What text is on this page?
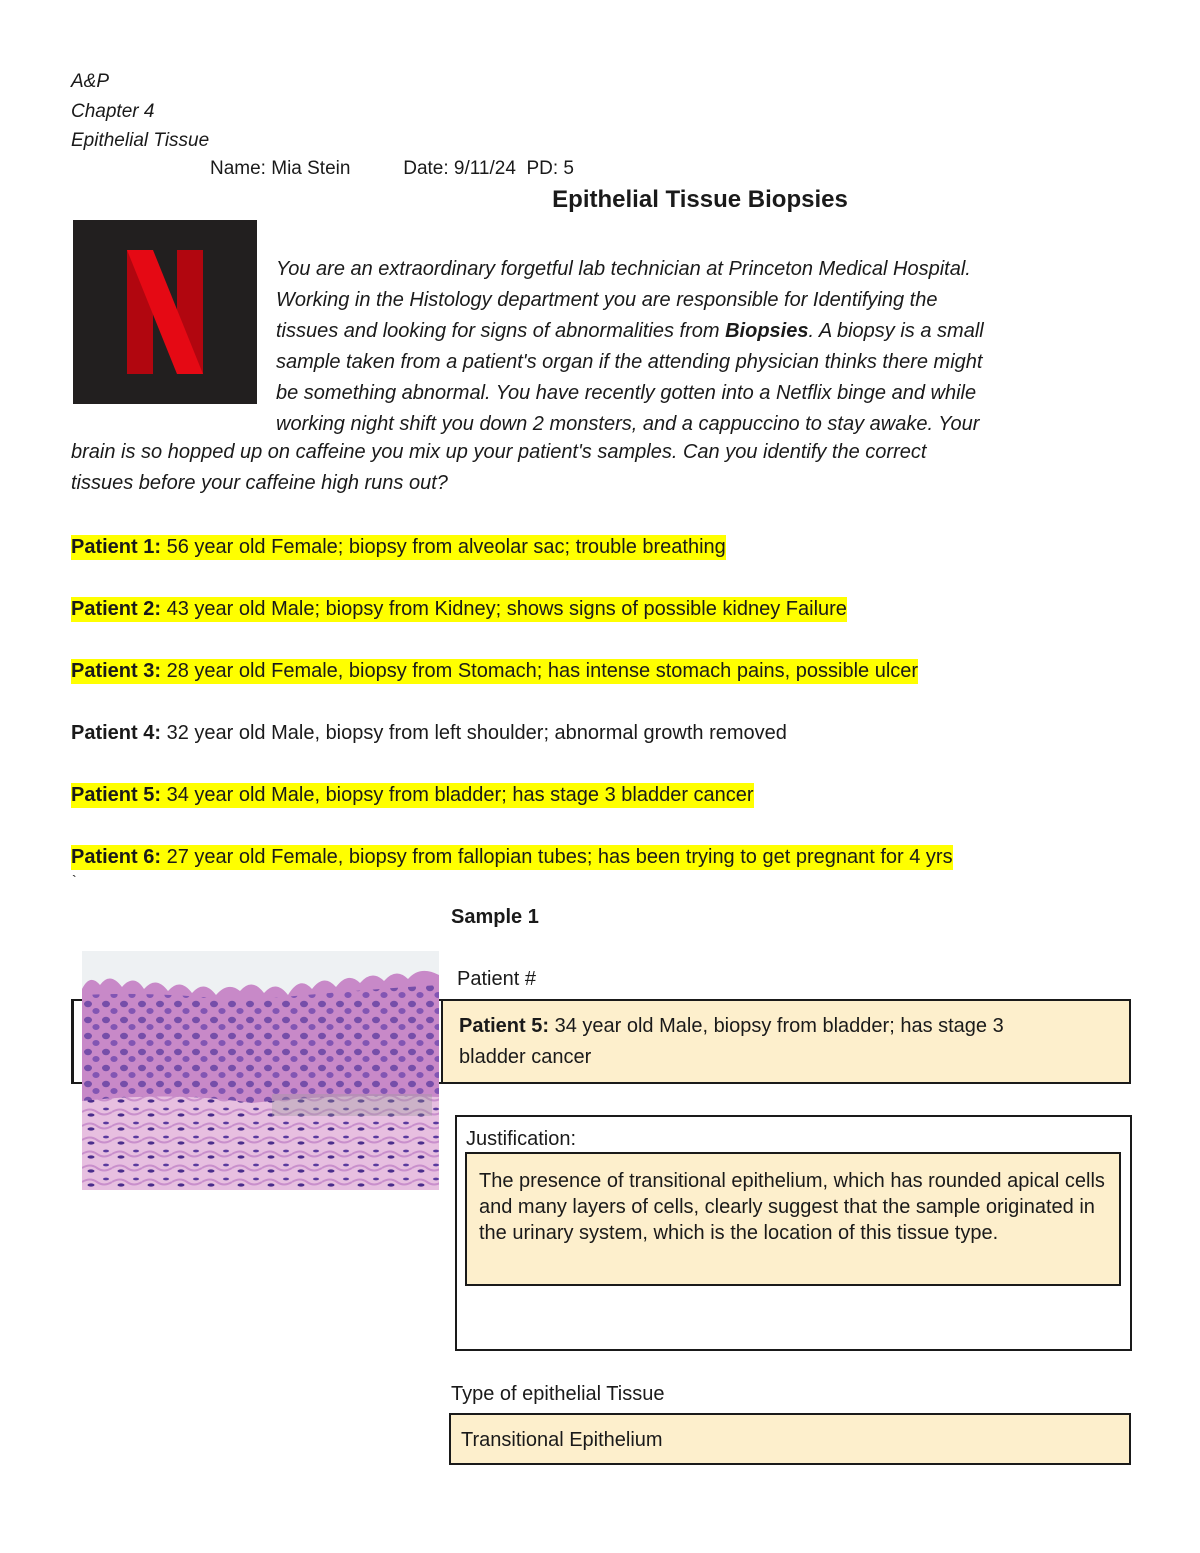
A&P
Chapter 4
Epithelial Tissue
Name: Mia Stein          Date: 9/11/24  PD: 5
Epithelial Tissue Biopsies

You are an extraordinary forgetful lab technician at Princeton Medical Hospital.

Working in the Histology department you are responsible for Identifying the

tissues and looking for signs of abnormalities from Biopsies. A biopsy is a small

sample taken from a patient's organ if the attending physician thinks there might

be something abnormal. You have recently gotten into a Netflix binge and while

working night shift you down 2 monsters, and a cappuccino to stay awake. Your

brain is so hopped up on caffeine you mix up your patient's samples. Can you identify the correct

tissues before your caffeine high runs out?

Patient 1: 56 year old Female; biopsy from alveolar sac; trouble breathing
Patient 2: 43 year old Male; biopsy from Kidney; shows signs of possible kidney Failure
Patient 3: 28 year old Female, biopsy from Stomach; has intense stomach pains, possible ulcer
Patient 4: 32 year old Male, biopsy from left shoulder; abnormal growth removed
Patient 5: 34 year old Male, biopsy from bladder; has stage 3 bladder cancer
Patient 6: 27 year old Female, biopsy from fallopian tubes; has been trying to get pregnant for 4 yrs
`
Sample 1
Patient #
Patient 5: 34 year old Male, biopsy from bladder; has stage 3
bladder cancer
Justification:
The presence of transitional epithelium, which has rounded apical cells and many layers of cells, clearly suggest that the sample originated in the urinary system, which is the location of this tissue type.
Type of epithelial Tissue
Transitional Epithelium
